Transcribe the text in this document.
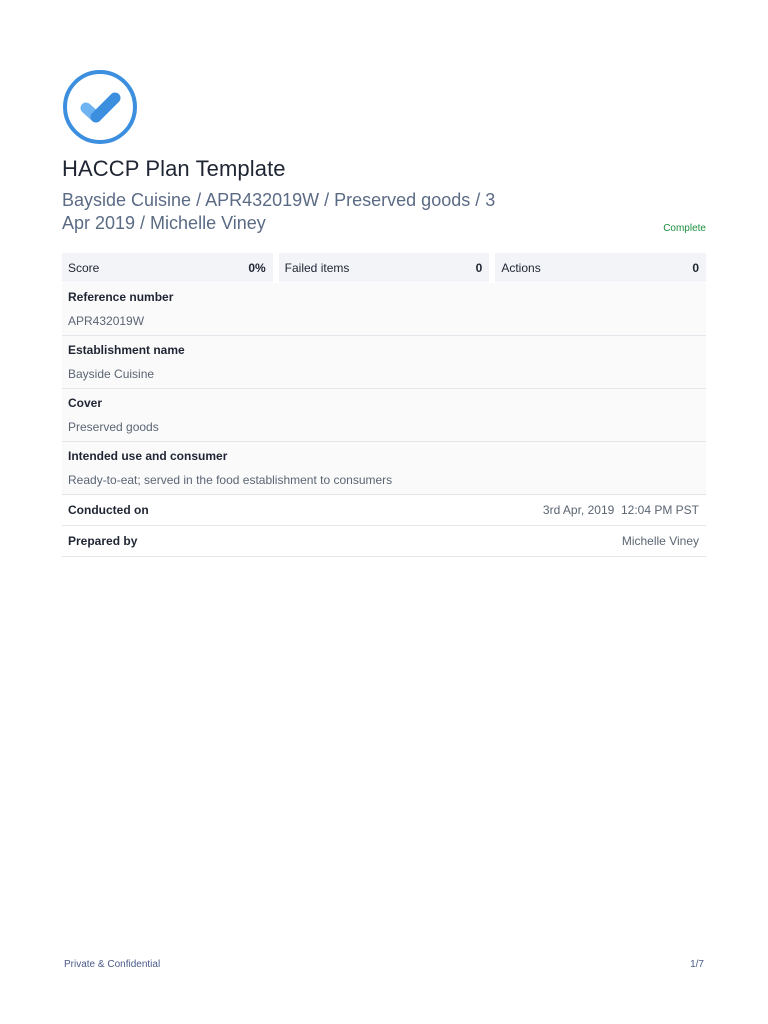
HACCP Plan Template

Bayside Cuisine / APR432019W / Preserved goods / 3 Apr 2019 / Michelle Viney	Complete
Score	0% Failed items	0 Actions	0
Reference number
APR432019W
Establishment name
Bayside Cuisine
Cover
Preserved goods
Intended use and consumer
Ready-to-eat; served in the food establishment to consumers
Conducted on	3rd Apr, 2019  12:04 PM PST
Prepared by	Michelle Viney
Private & Confidential	1/7
